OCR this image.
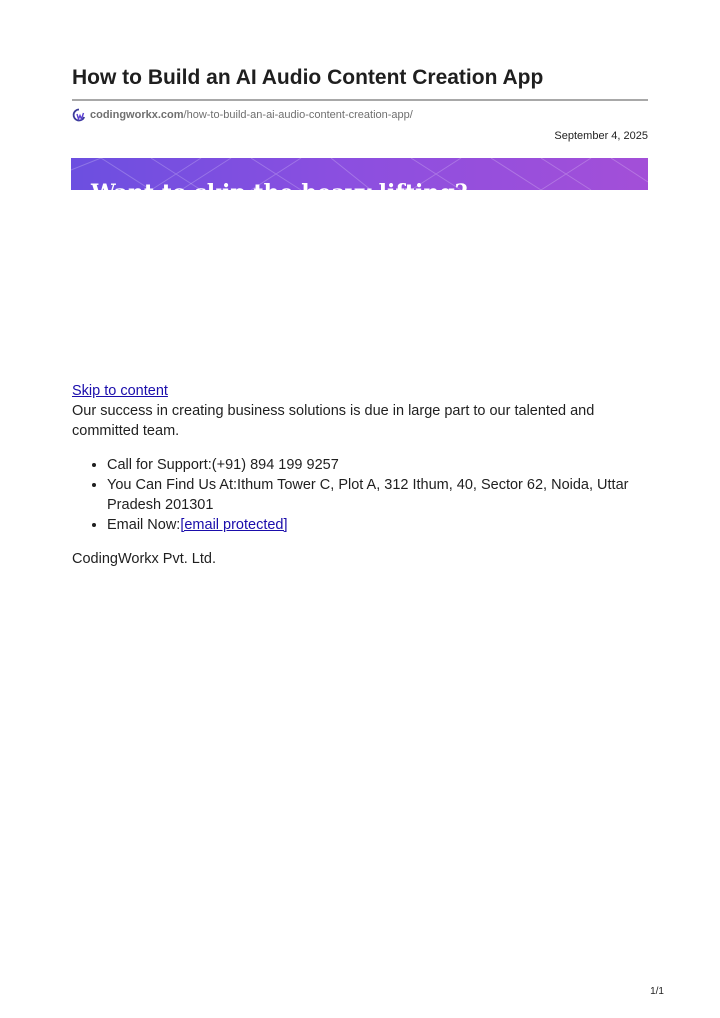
How to Build an AI Audio Content Creation App
codingworkx.com /how-to-build-an-ai-audio-content-creation-app/
September 4, 2025
Want to skip the heavy lifting?
Skip to content

Our success in creating business solutions is due in large part to our talented and committed team.

• Call for Support:(+91) 894 199 9257
• You Can Find Us At:Ithum Tower C, Plot A, 312 Ithum, 40, Sector 62, Noida, Uttar Pradesh 201301
• Email Now:[email protected]

CodingWorkx Pvt. Ltd.

1/1
